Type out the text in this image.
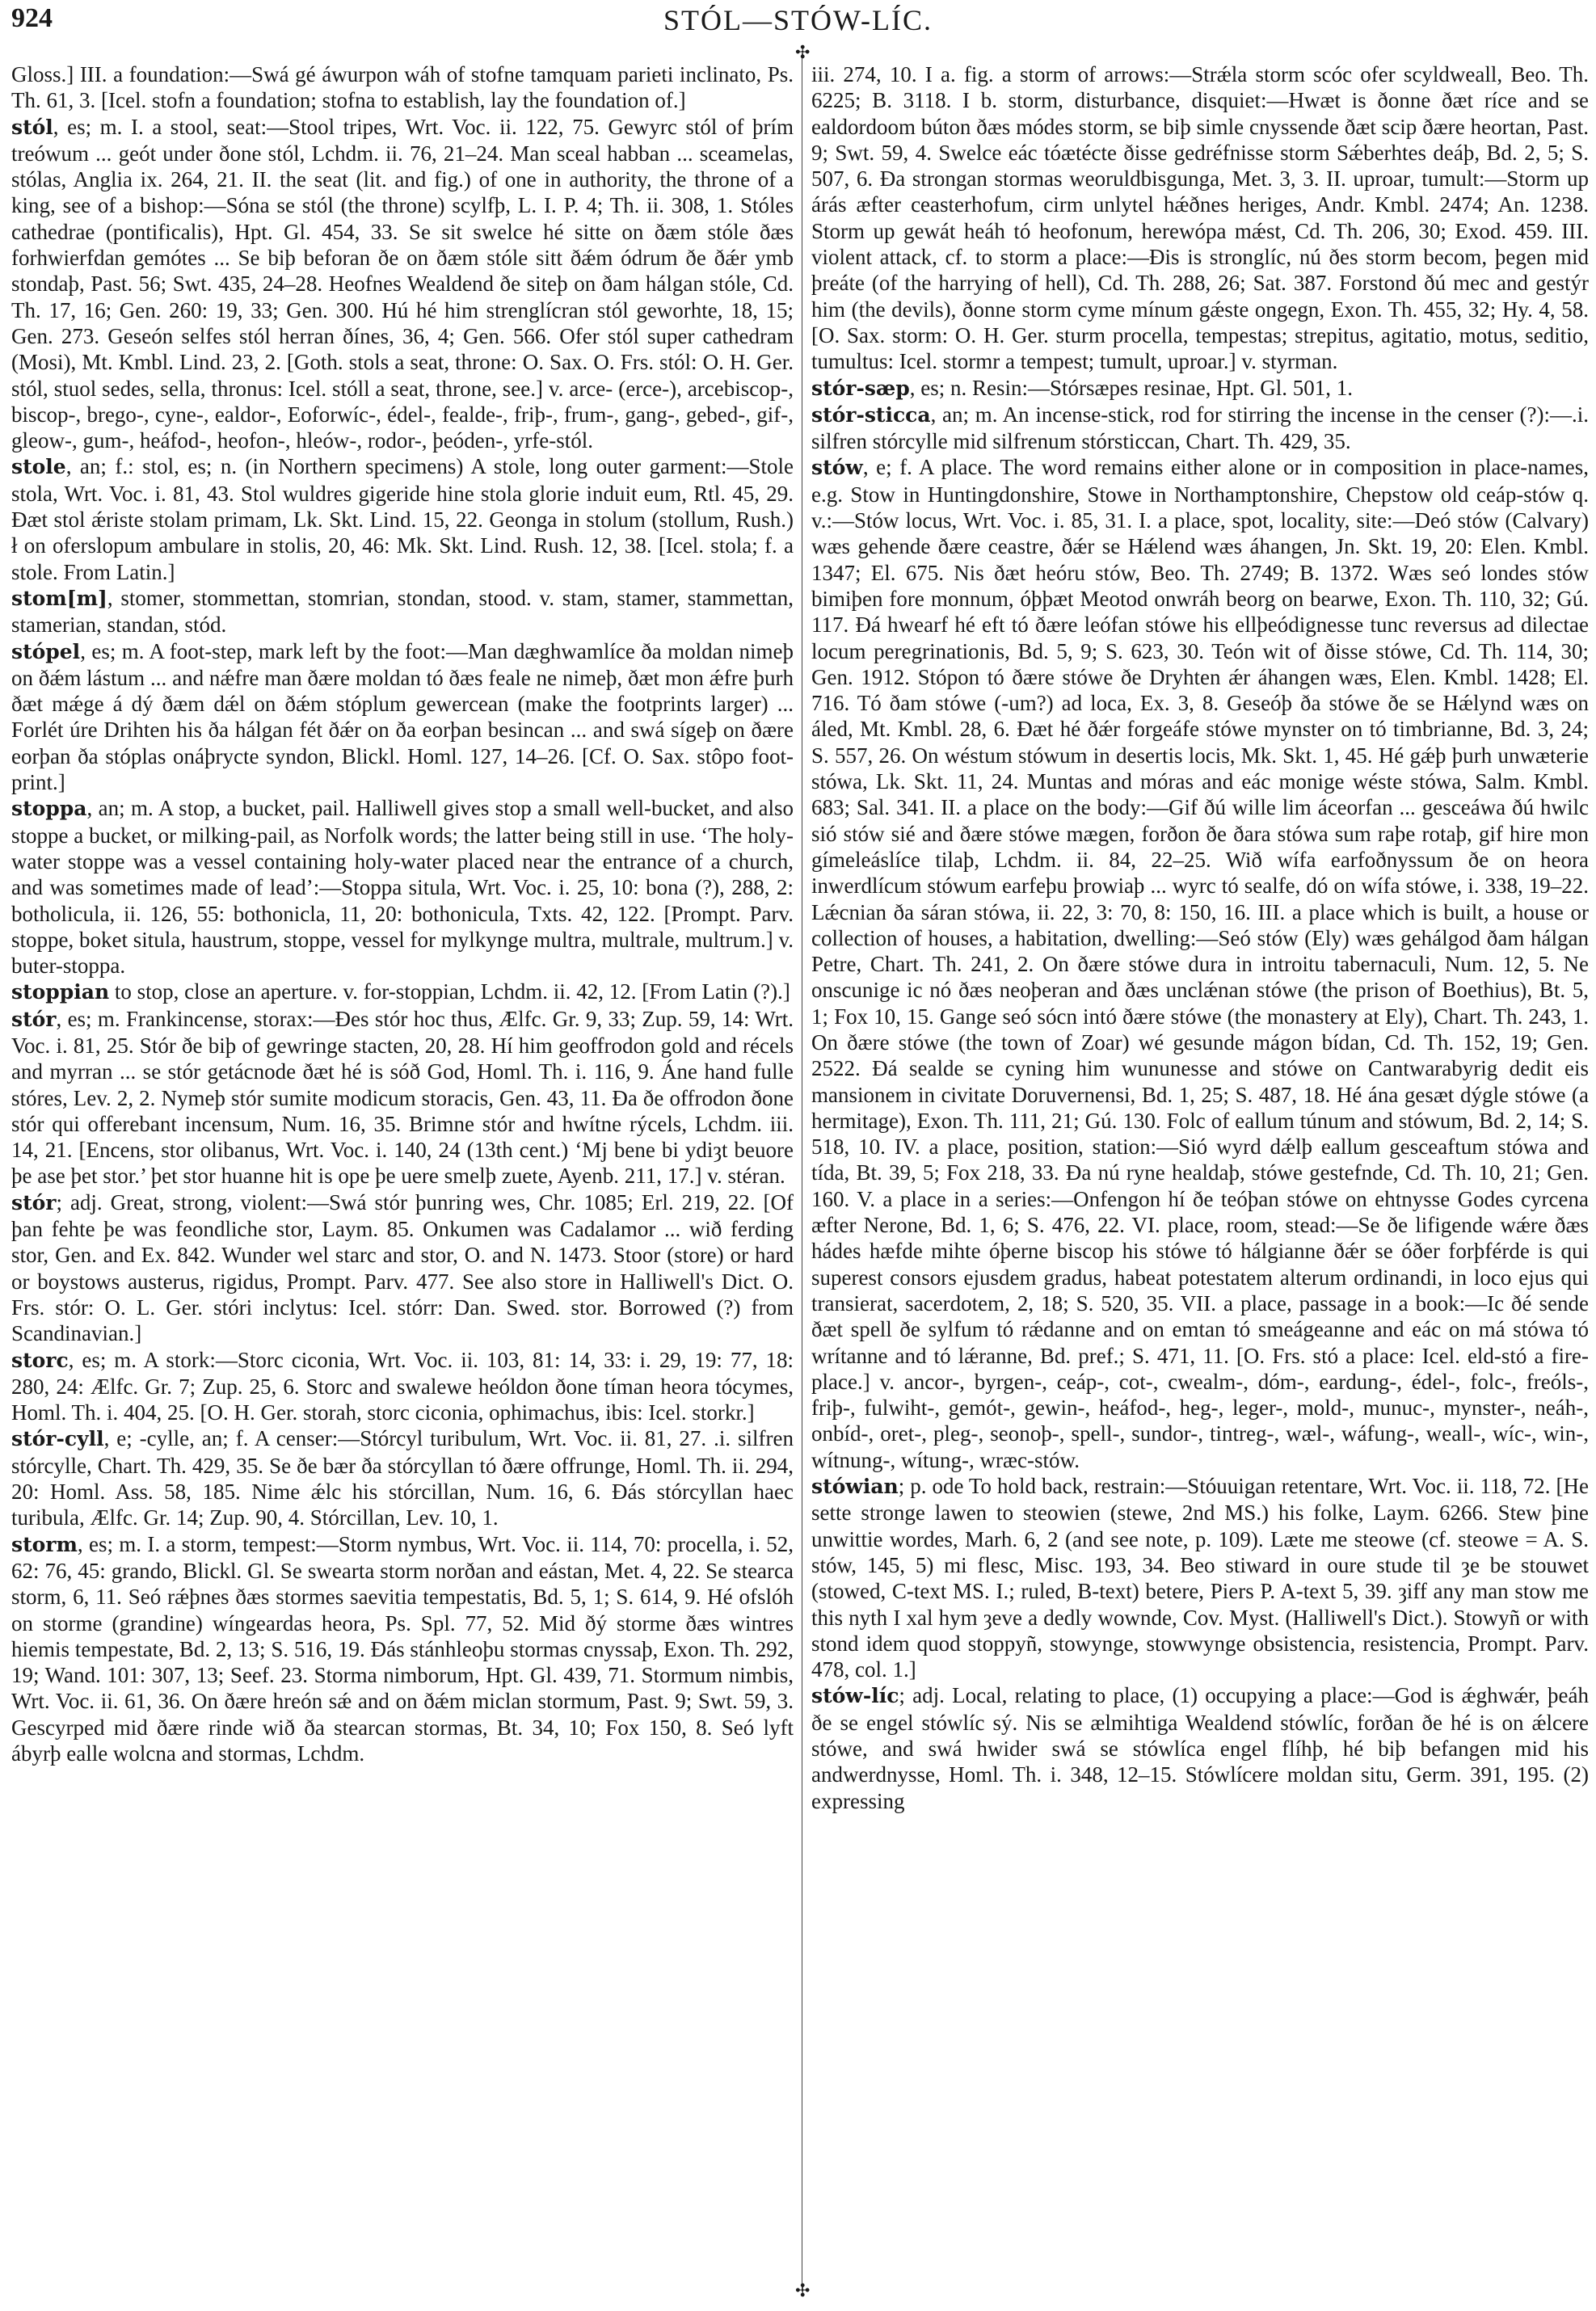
924	STÓL—STÓW-LÍC.
✣
✣

Gloss.] III. a foundation:—Swá gé áwurpon wáh of stofne tamquam parieti inclinato, Ps. Th. 61, 3. [Icel. stofn a foundation; stofna to establish, lay the foundation of.]

stól, es; m. I. a stool, seat:—Stool tripes, Wrt. Voc. ii. 122, 75. Gewyrc stól of þrím treówum ... geót under ðone stól, Lchdm. ii. 76, 21–24. Man sceal habban ... sceamelas, stólas, Anglia ix. 264, 21. II. the seat (lit. and fig.) of one in authority, the throne of a king, see of a bishop:—Sóna se stól (the throne) scylfþ, L. I. P. 4; Th. ii. 308, 1. Stóles cathedrae (pontificalis), Hpt. Gl. 454, 33. Se sit swelce hé sitte on ðæm stóle ðæs forhwierfdan gemótes ... Se biþ beforan ðe on ðæm stóle sitt ðǽm ódrum ðe ðǽr ymb stondaþ, Past. 56; Swt. 435, 24–28. Heofnes Wealdend ðe siteþ on ðam hálgan stóle, Cd. Th. 17, 16; Gen. 260: 19, 33; Gen. 300. Hú hé him strenglícran stól geworhte, 18, 15; Gen. 273. Geseón selfes stól herran ðínes, 36, 4; Gen. 566. Ofer stól super cathedram (Mosi), Mt. Kmbl. Lind. 23, 2. [Goth. stols a seat, throne: O. Sax. O. Frs. stól: O. H. Ger. stól, stuol sedes, sella, thronus: Icel. stóll a seat, throne, see.] v. arce- (erce-), arcebiscop-, biscop-, brego-, cyne-, ealdor-, Eoforwíc-, édel-, fealde-, friþ-, frum-, gang-, gebed-, gif-, gleow-, gum-, heáfod-, heofon-, hleów-, rodor-, þeóden-, yrfe-stól.

stole, an; f.: stol, es; n. (in Northern specimens) A stole, long outer garment:—Stole stola, Wrt. Voc. i. 81, 43. Stol wuldres gigeride hine stola glorie induit eum, Rtl. 45, 29. Ðæt stol ǽriste stolam primam, Lk. Skt. Lind. 15, 22. Geonga in stolum (stollum, Rush.) ł on oferslopum ambulare in stolis, 20, 46: Mk. Skt. Lind. Rush. 12, 38. [Icel. stola; f. a stole. From Latin.]

stom[m], stomer, stommettan, stomrian, stondan, stood. v. stam, stamer, stammettan, stamerian, standan, stód.

stópel, es; m. A foot-step, mark left by the foot:—Man dæghwamlíce ða moldan nimeþ on ðǽm lástum ... and nǽfre man ðære moldan tó ðæs feale ne nimeþ, ðæt mon ǽfre þurh ðæt mǽge á dý ðæm dǽl on ðǽm stóplum gewercean (make the footprints larger) ... Forlét úre Drihten his ða hálgan fét ðǽr on ða eorþan besincan ... and swá sígeþ on ðære eorþan ða stóplas onáþrycte syndon, Blickl. Homl. 127, 14–26. [Cf. O. Sax. stôpo foot-print.]

stoppa, an; m. A stop, a bucket, pail. Halliwell gives stop a small well-bucket, and also stoppe a bucket, or milking-pail, as Norfolk words; the latter being still in use. ‘The holy-water stoppe was a vessel containing holy-water placed near the entrance of a church, and was sometimes made of lead’:—Stoppa situla, Wrt. Voc. i. 25, 10: bona (?), 288, 2: botholicula, ii. 126, 55: bothonicla, 11, 20: bothonicula, Txts. 42, 122. [Prompt. Parv. stoppe, boket situla, haustrum, stoppe, vessel for mylkynge multra, multrale, multrum.] v. buter-stoppa.

stoppian to stop, close an aperture. v. for-stoppian, Lchdm. ii. 42, 12. [From Latin (?).]

stór, es; m. Frankincense, storax:—Ðes stór hoc thus, Ælfc. Gr. 9, 33; Zup. 59, 14: Wrt. Voc. i. 81, 25. Stór ðe biþ of gewringe stacten, 20, 28. Hí him geoffrodon gold and récels and myrran ... se stór getácnode ðæt hé is sóð God, Homl. Th. i. 116, 9. Áne hand fulle stóres, Lev. 2, 2. Nymeþ stór sumite modicum storacis, Gen. 43, 11. Ða ðe offrodon ðone stór qui offerebant incensum, Num. 16, 35. Brimne stór and hwítne rýcels, Lchdm. iii. 14, 21. [Encens, stor olibanus, Wrt. Voc. i. 140, 24 (13th cent.) ‘Mj bene bi ydiȝt beuore þe ase þet stor.’ þet stor huanne hit is ope þe uere smelþ zuete, Ayenb. 211, 17.] v. stéran.

stór; adj. Great, strong, violent:—Swá stór þunring wes, Chr. 1085; Erl. 219, 22. [Of þan fehte þe was feondliche stor, Laym. 85. Onkumen was Cadalamor ... wið ferding stor, Gen. and Ex. 842. Wunder wel starc and stor, O. and N. 1473. Stoor (store) or hard or boystows austerus, rigidus, Prompt. Parv. 477. See also store in Halliwell's Dict. O. Frs. stór: O. L. Ger. stóri inclytus: Icel. stórr: Dan. Swed. stor. Borrowed (?) from Scandinavian.]

storc, es; m. A stork:—Storc ciconia, Wrt. Voc. ii. 103, 81: 14, 33: i. 29, 19: 77, 18: 280, 24: Ælfc. Gr. 7; Zup. 25, 6. Storc and swalewe heóldon ðone tíman heora tócymes, Homl. Th. i. 404, 25. [O. H. Ger. storah, storc ciconia, ophimachus, ibis: Icel. storkr.]

stór-cyll, e; -cylle, an; f. A censer:—Stórcyl turibulum, Wrt. Voc. ii. 81, 27. .i. silfren stórcylle, Chart. Th. 429, 35. Se ðe bær ða stórcyllan tó ðære offrunge, Homl. Th. ii. 294, 20: Homl. Ass. 58, 185. Nime ǽlc his stórcillan, Num. 16, 6. Ðás stórcyllan haec turibula, Ælfc. Gr. 14; Zup. 90, 4. Stórcillan, Lev. 10, 1.

storm, es; m. I. a storm, tempest:—Storm nymbus, Wrt. Voc. ii. 114, 70: procella, i. 52, 62: 76, 45: grando, Blickl. Gl. Se swearta storm norðan and eástan, Met. 4, 22. Se stearca storm, 6, 11. Seó rǽþnes ðæs stormes saevitia tempestatis, Bd. 5, 1; S. 614, 9. Hé ofslóh on storme (grandine) wíngeardas heora, Ps. Spl. 77, 52. Mid ðý storme ðæs wintres hiemis tempestate, Bd. 2, 13; S. 516, 19. Ðás stánhleoþu stormas cnyssaþ, Exon. Th. 292, 19; Wand. 101: 307, 13; Seef. 23. Storma nimborum, Hpt. Gl. 439, 71. Stormum nimbis, Wrt. Voc. ii. 61, 36. On ðære hreón sǽ and on ðǽm miclan stormum, Past. 9; Swt. 59, 3. Gescyrped mid ðære rinde wið ða stearcan stormas, Bt. 34, 10; Fox 150, 8. Seó lyft ábyrþ ealle wolcna and stormas, Lchdm.

iii. 274, 10. I a. fig. a storm of arrows:—Strǽla storm scóc ofer scyldweall, Beo. Th. 6225; B. 3118. I b. storm, disturbance, disquiet:—Hwæt is ðonne ðæt ríce and se ealdordoom búton ðæs módes storm, se biþ simle cnyssende ðæt scip ðære heortan, Past. 9; Swt. 59, 4. Swelce eác tóætécte ðisse gedréfnisse storm Sǽberhtes deáþ, Bd. 2, 5; S. 507, 6. Ða strongan stormas weoruldbisgunga, Met. 3, 3. II. uproar, tumult:—Storm up árás æfter ceasterhofum, cirm unlytel hǽðnes heriges, Andr. Kmbl. 2474; An. 1238. Storm up gewát heáh tó heofonum, herewópa mǽst, Cd. Th. 206, 30; Exod. 459. III. violent attack, cf. to storm a place:—Ðis is stronglíc, nú ðes storm becom, þegen mid þreáte (of the harrying of hell), Cd. Th. 288, 26; Sat. 387. Forstond ðú mec and gestýr him (the devils), ðonne storm cyme mínum gǽste ongegn, Exon. Th. 455, 32; Hy. 4, 58. [O. Sax. storm: O. H. Ger. sturm procella, tempestas; strepitus, agitatio, motus, seditio, tumultus: Icel. stormr a tempest; tumult, uproar.] v. styrman.

stór-sæp, es; n. Resin:—Stórsæpes resinae, Hpt. Gl. 501, 1.

stór-sticca, an; m. An incense-stick, rod for stirring the incense in the censer (?):—.i. silfren stórcylle mid silfrenum stórsticcan, Chart. Th. 429, 35.

stów, e; f. A place. The word remains either alone or in composition in place-names, e.g. Stow in Huntingdonshire, Stowe in Northamptonshire, Chepstow old ceáp-stów q. v.:—Stów locus, Wrt. Voc. i. 85, 31. I. a place, spot, locality, site:—Deó stów (Calvary) wæs gehende ðære ceastre, ðǽr se Hǽlend wæs áhangen, Jn. Skt. 19, 20: Elen. Kmbl. 1347; El. 675. Nis ðæt heóru stów, Beo. Th. 2749; B. 1372. Wæs seó londes stów bimiþen fore monnum, óþþæt Meotod onwráh beorg on bearwe, Exon. Th. 110, 32; Gú. 117. Ðá hwearf hé eft tó ðære leófan stówe his ellþeódignesse tunc reversus ad dilectae locum peregrinationis, Bd. 5, 9; S. 623, 30. Teón wit of ðisse stówe, Cd. Th. 114, 30; Gen. 1912. Stópon tó ðære stówe ðe Dryhten ǽr áhangen wæs, Elen. Kmbl. 1428; El. 716. Tó ðam stówe (-um?) ad loca, Ex. 3, 8. Geseóþ ða stówe ðe se Hǽlynd wæs on áled, Mt. Kmbl. 28, 6. Ðæt hé ðǽr forgeáfe stówe mynster on tó timbrianne, Bd. 3, 24; S. 557, 26. On wéstum stówum in desertis locis, Mk. Skt. 1, 45. Hé gǽþ þurh unwæterie stówa, Lk. Skt. 11, 24. Muntas and móras and eác monige wéste stówa, Salm. Kmbl. 683; Sal. 341. II. a place on the body:—Gif ðú wille lim áceorfan ... gesceáwa ðú hwilc sió stów sié and ðære stówe mægen, forðon ðe ðara stówa sum raþe rotaþ, gif hire mon gímeleáslíce tilaþ, Lchdm. ii. 84, 22–25. Wið wífa earfoðnyssum ðe on heora inwerdlícum stówum earfeþu þrowiaþ ... wyrc tó sealfe, dó on wífa stówe, i. 338, 19–22. Lǽcnian ða sáran stówa, ii. 22, 3: 70, 8: 150, 16. III. a place which is built, a house or collection of houses, a habitation, dwelling:—Seó stów (Ely) wæs gehálgod ðam hálgan Petre, Chart. Th. 241, 2. On ðære stówe dura in introitu tabernaculi, Num. 12, 5. Ne onscunige ic nó ðæs neoþeran and ðæs unclǽnan stówe (the prison of Boethius), Bt. 5, 1; Fox 10, 15. Gange seó sócn intó ðære stówe (the monastery at Ely), Chart. Th. 243, 1. On ðære stówe (the town of Zoar) wé gesunde mágon bídan, Cd. Th. 152, 19; Gen. 2522. Ðá sealde se cyning him wununesse and stówe on Cantwarabyrig dedit eis mansionem in civitate Doruvernensi, Bd. 1, 25; S. 487, 18. Hé ána gesæt dýgle stówe (a hermitage), Exon. Th. 111, 21; Gú. 130. Folc of eallum túnum and stówum, Bd. 2, 14; S. 518, 10. IV. a place, position, station:—Sió wyrd dǽlþ eallum gesceaftum stówa and tída, Bt. 39, 5; Fox 218, 33. Ða nú ryne healdaþ, stówe gestefnde, Cd. Th. 10, 21; Gen. 160. V. a place in a series:—Onfengon hí ðe teóþan stówe on ehtnysse Godes cyrcena æfter Nerone, Bd. 1, 6; S. 476, 22. VI. place, room, stead:—Se ðe lifigende wǽre ðæs hádes hæfde mihte óþerne biscop his stówe tó hálgianne ðǽr se óðer forþférde is qui superest consors ejusdem gradus, habeat potestatem alterum ordinandi, in loco ejus qui transierat, sacerdotem, 2, 18; S. 520, 35. VII. a place, passage in a book:—Ic ðé sende ðæt spell ðe sylfum tó rǽdanne and on emtan tó smeágeanne and eác on má stówa tó wrítanne and tó lǽranne, Bd. pref.; S. 471, 11. [O. Frs. stó a place: Icel. eld-stó a fire-place.] v. ancor-, byrgen-, ceáp-, cot-, cwealm-, dóm-, eardung-, édel-, folc-, freóls-, friþ-, fulwiht-, gemót-, gewin-, heáfod-, heg-, leger-, mold-, munuc-, mynster-, neáh-, onbíd-, oret-, pleg-, seonoþ-, spell-, sundor-, tintreg-, wæl-, wáfung-, weall-, wíc-, win-, wítnung-, wítung-, wræc-stów.

stówian; p. ode To hold back, restrain:—Stóuuigan retentare, Wrt. Voc. ii. 118, 72. [He sette stronge lawen to steowien (stewe, 2nd MS.) his folke, Laym. 6266. Stew þine unwittie wordes, Marh. 6, 2 (and see note, p. 109). Læte me steowe (cf. steowe = A. S. stów, 145, 5) mi flesc, Misc. 193, 34. Beo stiward in oure stude til ȝe be stouwet (stowed, C-text MS. I.; ruled, B-text) betere, Piers P. A-text 5, 39. ȝiff any man stow me this nyth I xal hym ȝeve a dedly wownde, Cov. Myst. (Halliwell's Dict.). Stowyñ or with stond idem quod stoppyñ, stowynge, stowwynge obsistencia, resistencia, Prompt. Parv. 478, col. 1.]

stów-líc; adj. Local, relating to place, (1) occupying a place:—God is ǽghwǽr, þeáh ðe se engel stówlíc sý. Nis se ælmihtiga Wealdend stówlíc, forðan ðe hé is on ǽlcere stówe, and swá hwider swá se stówlíca engel flíhþ, hé biþ befangen mid his andwerdnysse, Homl. Th. i. 348, 12–15. Stówlícere moldan situ, Germ. 391, 195. (2) expressing
